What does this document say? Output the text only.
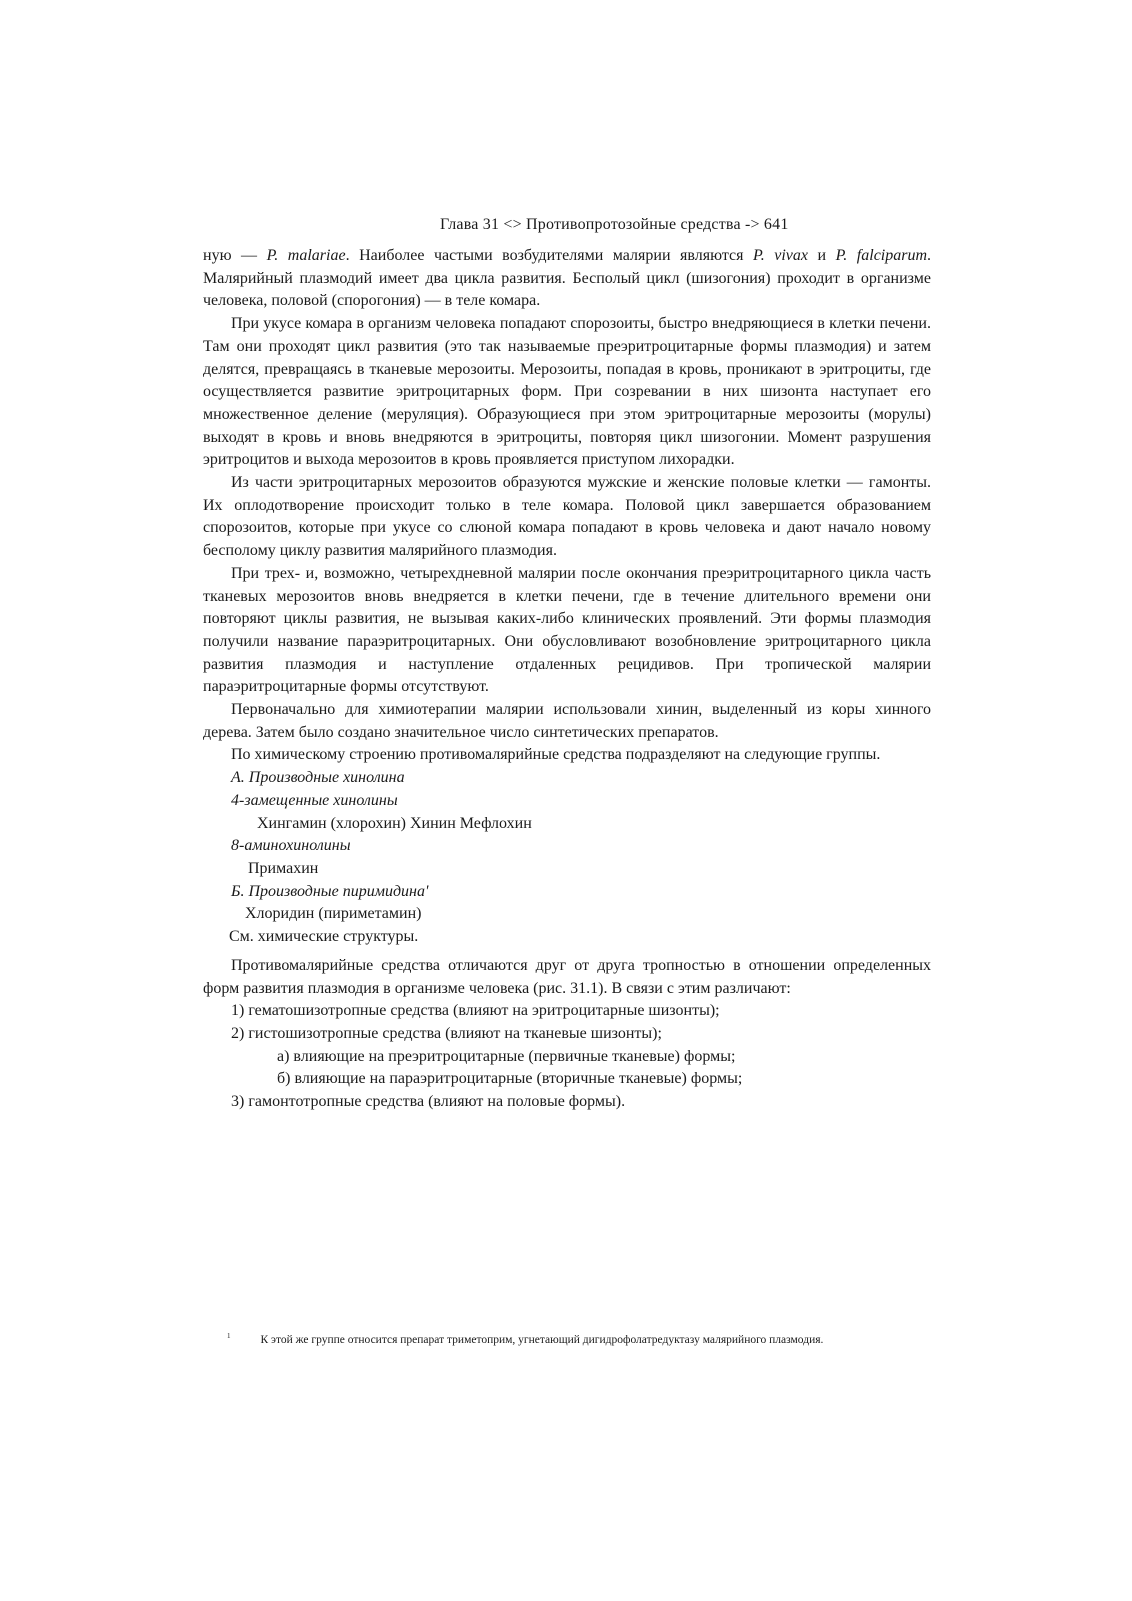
Глава 31 <> Противопротозойные средства -> 641

ную — P. malariae. Наиболее частыми возбудителями малярии являются P. vivax и P. falciparum. Малярийный плазмодий имеет два цикла развития. Бесполый цикл (шизогония) проходит в организме человека, половой (спорогония) — в теле комара.

При укусе комара в организм человека попадают спорозоиты, быстро внедряющиеся в клетки печени. Там они проходят цикл развития (это так называемые преэритроцитарные формы плазмодия) и затем делятся, превращаясь в тканевые мерозоиты. Мерозоиты, попадая в кровь, проникают в эритроциты, где осуществляется развитие эритроцитарных форм. При созревании в них шизонта наступает его множественное деление (меруляция). Образующиеся при этом эритроцитарные мерозоиты (морулы) выходят в кровь и вновь внедряются в эритроциты, повторяя цикл шизогонии. Момент разрушения эритроцитов и выхода мерозоитов в кровь проявляется приступом лихорадки.

Из части эритроцитарных мерозоитов образуются мужские и женские половые клетки — гамонты. Их оплодотворение происходит только в теле комара. Половой цикл завершается образованием спорозоитов, которые при укусе со слюной комара попадают в кровь человека и дают начало новому бесполому циклу развития малярийного плазмодия.

При трех- и, возможно, четырехдневной малярии после окончания преэритроцитарного цикла часть тканевых мерозоитов вновь внедряется в клетки печени, где в течение длительного времени они повторяют циклы развития, не вызывая каких-либо клинических проявлений. Эти формы плазмодия получили название параэритроцитарных. Они обусловливают возобновление эритроцитарного цикла развития плазмодия и наступление отдаленных рецидивов. При тропической малярии параэритроцитарные формы отсутствуют.

Первоначально для химиотерапии малярии использовали хинин, выделенный из коры хинного дерева. Затем было создано значительное число синтетических препаратов.

По химическому строению противомалярийные средства подразделяют на следующие группы.

А. Производные хинолина
4-замещенные хинолины
Хингамин (хлорохин) Хинин Мефлохин
8-аминохинолины
Примахин
Б. Производные пиримидина'
Хлоридин (пириметамин)
См. химические структуры.

Противомалярийные средства отличаются друг от друга тропностью в отношении определенных форм развития плазмодия в организме человека (рис. 31.1). В связи с этим различают:

1) гематошизотропные средства (влияют на эритроцитарные шизонты);
2) гистошизотропные средства (влияют на тканевые шизонты);
а) влияющие на преэритроцитарные (первичные тканевые) формы;
б) влияющие на параэритроцитарные (вторичные тканевые) формы;
3) гамонтотропные средства (влияют на половые формы).
$^1$	К этой же группе относится препарат триметоприм, угнетающий дигидрофолатредуктазу малярийного плазмодия.
